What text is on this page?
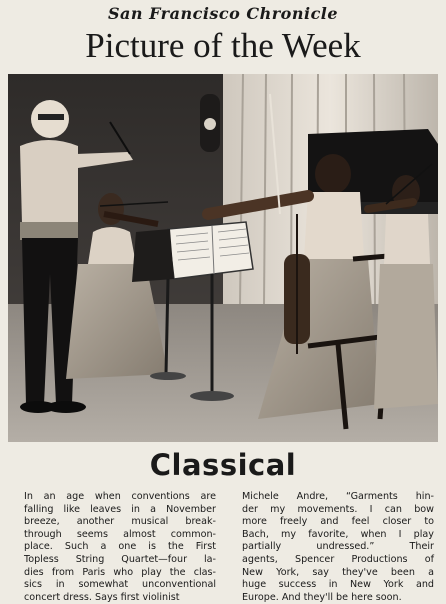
San Francisco Chronicle
Picture of the Week
Classical
In an age when conventions are
falling like leaves in a November
breeze, another musical break-
through seems almost common-
place. Such a one is the First
Topless String Quartet—four la-
dies from Paris who play the clas-
sics in somewhat unconventional
concert dress. Says first violinist
Michele Andre, “Garments hin-
der my movements. I can bow
more freely and feel closer to
Bach, my favorite, when I play
partially undressed.” Their
agents, Spencer Productions of
New York, say they've been a
huge success in New York and
Europe. And they'll be here soon.
